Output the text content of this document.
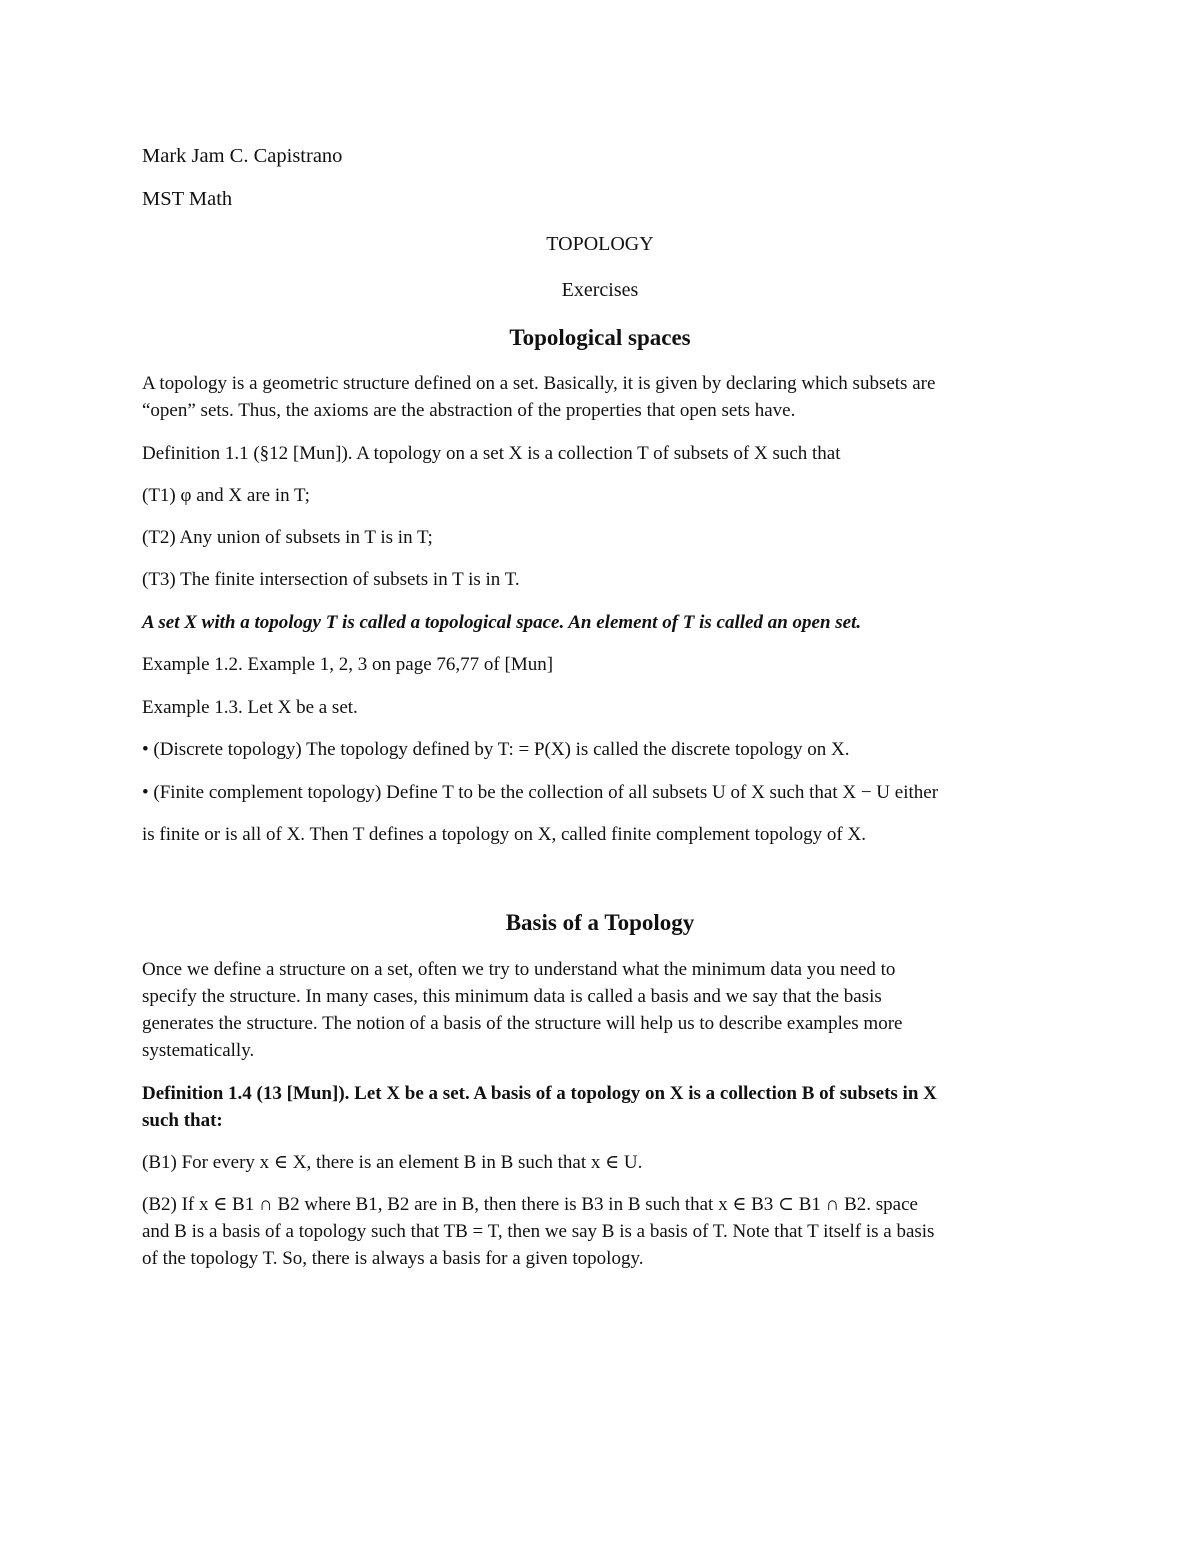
Mark Jam C. Capistrano

MST Math

TOPOLOGY

Exercises

Topological spaces
A topology is a geometric structure defined on a set. Basically, it is given by declaring which subsets are
“open” sets. Thus, the axioms are the abstraction of the properties that open sets have.

Definition 1.1 (§12 [Mun]). A topology on a set X is a collection T of subsets of X such that

(T1) φ and X are in T;

(T2) Any union of subsets in T is in T;

(T3) The finite intersection of subsets in T is in T.

A set X with a topology T is called a topological space. An element of T is called an open set.

Example 1.2. Example 1, 2, 3 on page 76,77 of [Mun]

Example 1.3. Let X be a set.

• (Discrete topology) The topology defined by T: = P(X) is called the discrete topology on X.

• (Finite complement topology) Define T to be the collection of all subsets U of X such that X − U either

is finite or is all of X. Then T defines a topology on X, called finite complement topology of X.

Basis of a Topology
Once we define a structure on a set, often we try to understand what the minimum data you need to
specify the structure. In many cases, this minimum data is called a basis and we say that the basis
generates the structure. The notion of a basis of the structure will help us to describe examples more
systematically.
Definition 1.4 (13 [Mun]). Let X be a set. A basis of a topology on X is a collection B of subsets in X
such that:

(B1) For every x ∈ X, there is an element B in B such that x ∈ U.

(B2) If x ∈ B1 ∩ B2 where B1, B2 are in B, then there is B3 in B such that x ∈ B3 ⊂ B1 ∩ B2. space
and B is a basis of a topology such that TB = T, then we say B is a basis of T. Note that T itself is a basis
of the topology T. So, there is always a basis for a given topology.
